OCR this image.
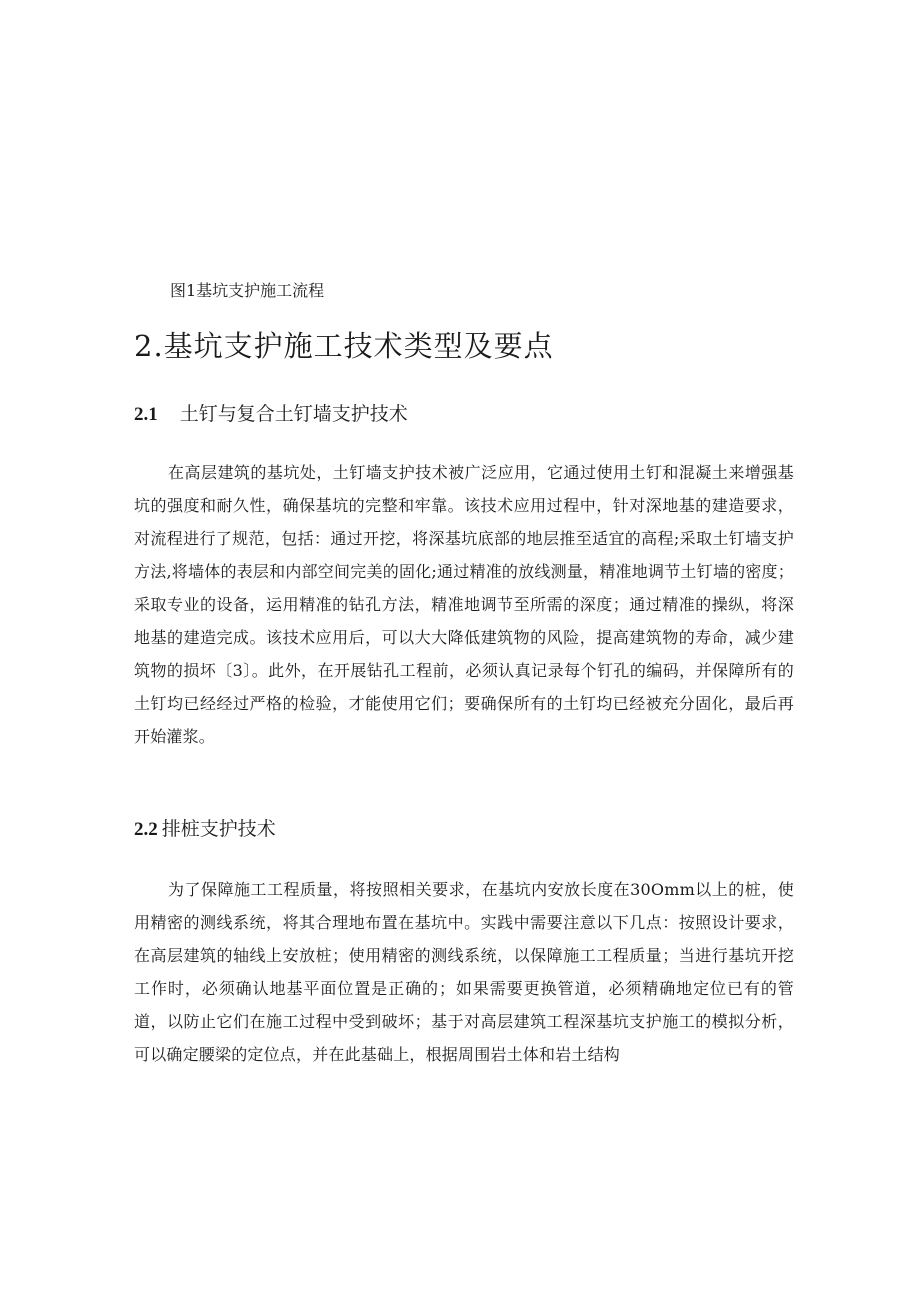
图1基坑支护施工流程
2.基坑支护施工技术类型及要点
2.1 土钉与复合土钉墙支护技术
在高层建筑的基坑处，土钉墙支护技术被广泛应用，它通过使用土钉和混凝土来增强基坑的强度和耐久性，确保基坑的完整和牢靠。该技术应用过程中，针对深地基的建造要求，对流程进行了规范，包括：通过开挖，将深基坑底部的地层推至适宜的高程;采取土钉墙支护方法,将墙体的表层和内部空间完美的固化;通过精准的放线测量，精准地调节土钉墙的密度；采取专业的设备，运用精准的钻孔方法，精准地调节至所需的深度；通过精准的操纵，将深地基的建造完成。该技术应用后，可以大大降低建筑物的风险，提高建筑物的寿命，减少建筑物的损坏〔3〕。此外，在开展钻孔工程前，必须认真记录每个钉孔的编码，并保障所有的土钉均已经经过严格的检验，才能使用它们；要确保所有的土钉均已经被充分固化，最后再开始灌浆。
2.2 排桩支护技术
为了保障施工工程质量，将按照相关要求，在基坑内安放长度在30Omm以上的桩，使用精密的测线系统，将其合理地布置在基坑中。实践中需要注意以下几点：按照设计要求，在高层建筑的轴线上安放桩；使用精密的测线系统，以保障施工工程质量；当进行基坑开挖工作时，必须确认地基平面位置是正确的；如果需要更换管道，必须精确地定位已有的管道，以防止它们在施工过程中受到破坏；基于对高层建筑工程深基坑支护施工的模拟分析，可以确定腰梁的定位点，并在此基础上，根据周围岩土体和岩土结构
